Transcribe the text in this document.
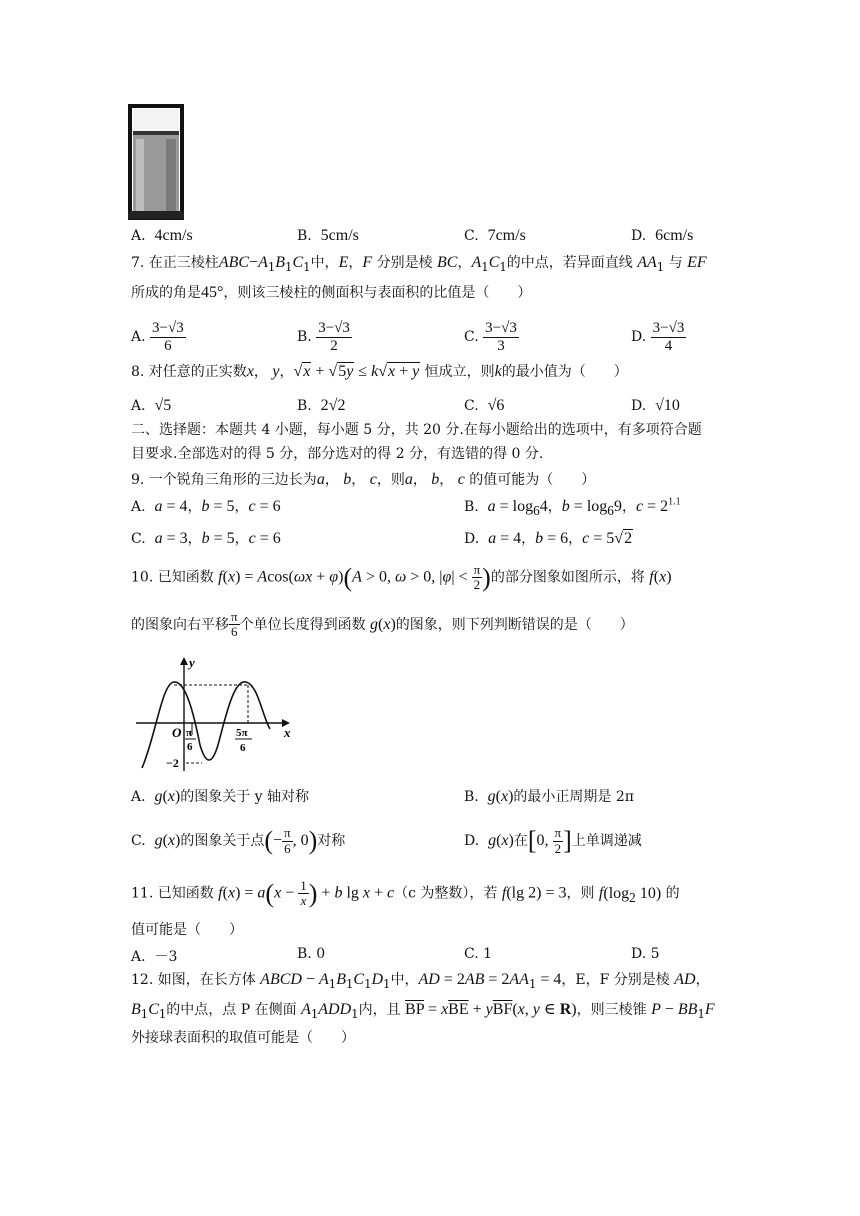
A. 4cm/s	B. 5cm/s	C. 7cm/s	D. 6cm/s
7. 在正三棱柱$ABC-A_1B_1C_1$中，E，F 分别是棱 BC，$A_1C_1$的中点，若异面直线 $AA_1$ 与 EF
所成的角是45°，则该三棱柱的侧面积与表面积的比值是（　　）
A. $\frac{3-√3}{6}$	B. $\frac{3-√3}{2}$	C. $\frac{3-√3}{3}$	D. $\frac{3-√3}{4}$
8. 对任意的正实数x， y，√x + √5y ≤ k√x + y 恒成立，则k的最小值为（　　）
A. √5	B. 2√2	C. √6	D. √10
二、选择题：本题共 4 小题，每小题 5 分，共 20 分.在每小题给出的选项中，有多项符合题
目要求.全部选对的得 5 分，部分选对的得 2 分，有选错的得 0 分.
9. 一个锐角三角形的三边长为a， b， c，则a， b， c 的值可能为（　　）
A. a = 4，b = 5，c = 6	B. $a = \log_64$，$b = \log_69$，$c = 2^{1.1}$
C. a = 3，b = 5，c = 6	D. a = 4，b = 6，c = 5√2
10. 已知函数 f(x) = Acos(ωx + φ)(A > 0, ω > 0, $|\varphi| < \frac{\pi}{2}$ )的部分图象如图所示，将 f(x)
的图象向右平移 $\frac{\pi}{6}$ 个单位长度得到函数 g(x)的图象，则下列判断错误的是（　　）
y
x
O π
6
5π
6
−2
A. g(x)的图象关于 y 轴对称	B. g(x)的最小正周期是 2π
C. g(x)的图象关于点(− $\frac{\pi}{6}$ , 0)对称	D. g(x)在[0, $\frac{\pi}{2}$ ]上单调递减
11. 已知函数 $f(x) = a(x - \frac{1}{x}$ ) + b lg x + c（c 为整数），若 f(lg 2) = 3，则 $f(\log_2$ 10) 的
值可能是（　　）
A. －3	B. 0	C. 1	D. 5
12. 如图，在长方体 ABCD − $A_1B_1C_1D_1$中，AD = $2AB = 2AA_1 = 4$，E，F 分别是棱 AD，
$B_1C_1$的中点，点 P 在侧面 $A_1ADD_1$内，且 $\overline{BP} = x\overline{BE} + y\overline{BF}(x$, y ∈ R)，则三棱锥 $P - BB_1F$
外接球表面积的取值可能是（　　）
